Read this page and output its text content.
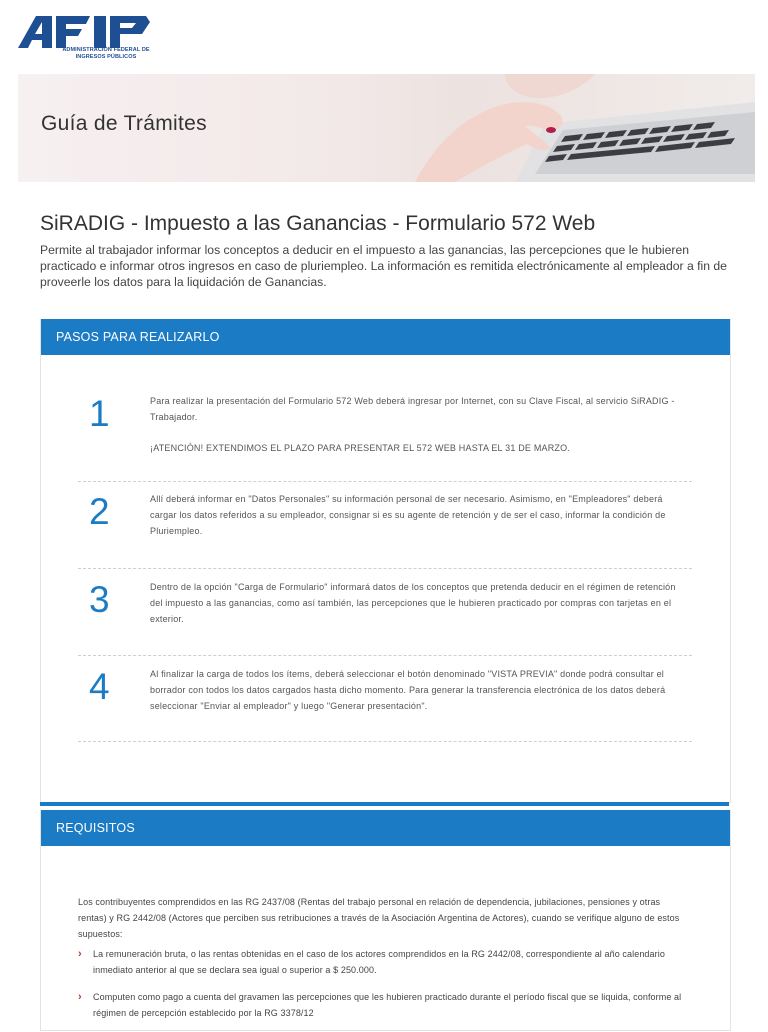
ADMINISTRACIÓN FEDERAL DE
INGRESOS PÚBLICOS
Guía de Trámites
SiRADIG - Impuesto a las Ganancias - Formulario 572 Web
Permite al trabajador informar los conceptos a deducir en el impuesto a las ganancias, las percepciones que le hubieren practicado e informar otros ingresos en caso de pluriempleo. La información es remitida electrónicamente al empleador a fin de proveerle los datos para la liquidación de Ganancias.
PASOS PARA REALIZARLO
1	Para realizar la presentación del Formulario 572 Web deberá ingresar por Internet, con su Clave Fiscal, al servicio SiRADIG - Trabajador.

¡ATENCIÓN! EXTENDIMOS EL PLAZO PARA PRESENTAR EL 572 WEB HASTA EL 31 DE MARZO.

2	Allí deberá informar en "Datos Personales" su información personal de ser necesario. Asimismo, en "Empleadores" deberá cargar los datos referidos a su empleador, consignar si es su agente de retención y de ser el caso, informar la condición de Pluriempleo.

3	Dentro de la opción "Carga de Formulario" informará datos de los conceptos que pretenda deducir en el régimen de retención del impuesto a las ganancias, como así también, las percepciones que le hubieren practicado por compras con tarjetas en el exterior.

4	Al finalizar la carga de todos los ítems, deberá seleccionar el botón denominado "VISTA PREVIA" donde podrá consultar el borrador con todos los datos cargados hasta dicho momento. Para generar la transferencia electrónica de los datos deberá seleccionar "Enviar al empleador" y luego "Generar presentación".

REQUISITOS

Los contribuyentes comprendidos en las RG 2437/08 (Rentas del trabajo personal en relación de dependencia, jubilaciones, pensiones y otras rentas) y RG 2442/08 (Actores que perciben sus retribuciones a través de la Asociación Argentina de Actores), cuando se verifique alguno de estos supuestos:

› La remuneración bruta, o las rentas obtenidas en el caso de los actores comprendidos en la RG 2442/08, correspondiente al año calendario inmediato anterior al que se declara sea igual o superior a $ 250.000.
› Computen como pago a cuenta del gravamen las percepciones que les hubieren practicado durante el período fiscal que se liquida, conforme al régimen de percepción establecido por la RG 3378/12
